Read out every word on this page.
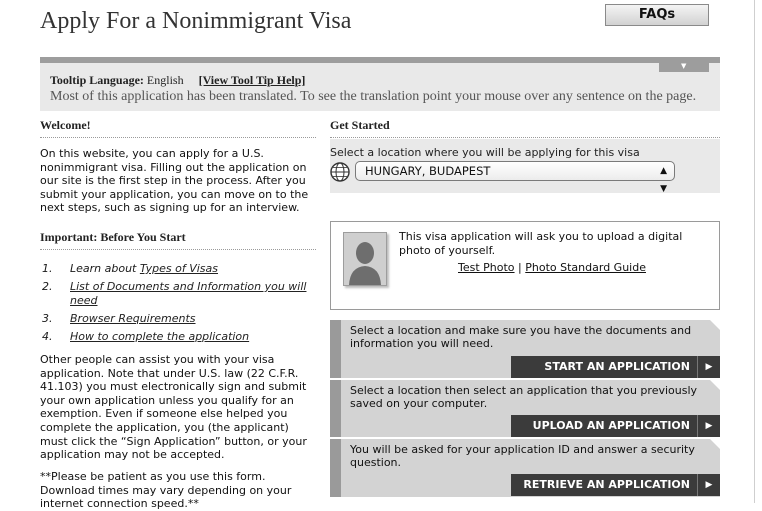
Apply For a Nonimmigrant Visa	FAQs
▼
Tooltip Language: English [View Tool Tip Help]
Most of this application has been translated. To see the translation point your mouse over any sentence on the page.
Welcome!

On this website, you can apply for a U.S. nonimmigrant visa. Filling out the application on our site is the first step in the process. After you submit your application, you can move on to the next steps, such as signing up for an interview.

Important: Before You Start
1. Learn about Types of Visas
2. List of Documents and Information you will need
3. Browser Requirements
4. How to complete the application

Other people can assist you with your visa application. Note that under U.S. law (22 C.F.R. 41.103) you must electronically sign and submit your own application unless you qualify for an exemption. Even if someone else helped you complete the application, you (the applicant) must click the “Sign Application” button, or your application may not be accepted.

**Please be patient as you use this form. Download times may vary depending on your internet connection speed.**

Get Started
Select a location where you will be applying for this visa
HUNGARY, BUDAPEST	▲
▼
This visa application will ask you to upload a digital photo of yourself.
Test Photo | Photo Standard Guide
Select a location and make sure you have the documents and information you will need.
START AN APPLICATION	▶
Select a location then select an application that you previously saved on your computer.
UPLOAD AN APPLICATION	▶
You will be asked for your application ID and answer a security question.
RETRIEVE AN APPLICATION	▶
